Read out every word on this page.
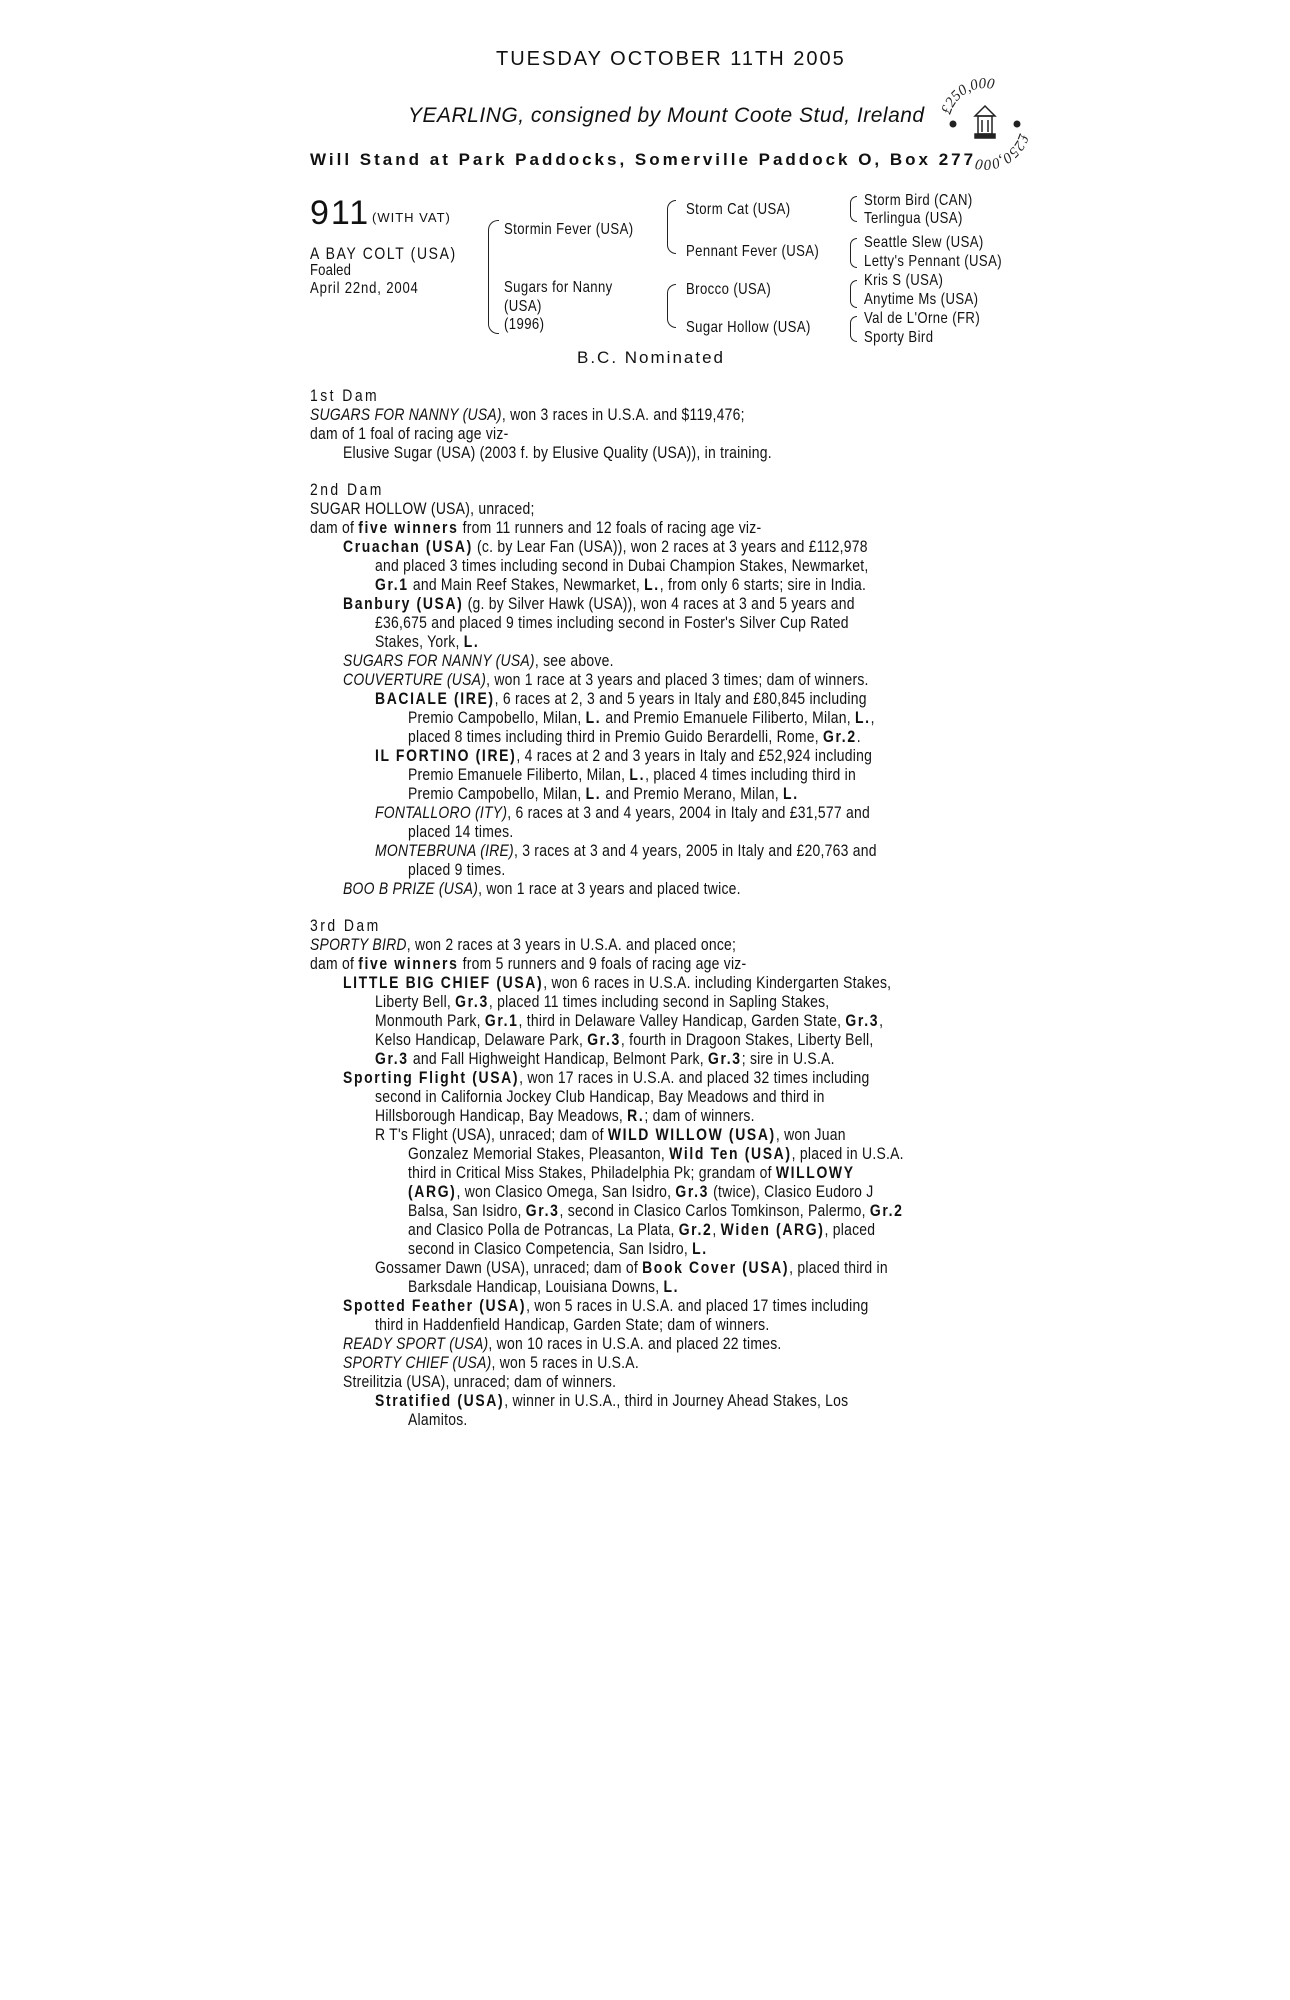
TUESDAY OCTOBER 11TH 2005
YEARLING, consigned by Mount Coote Stud, Ireland
Will Stand at Park Paddocks, Somerville Paddock O, Box 277
£250,000
£250,000
911 (WITH VAT)
A BAY COLT (USA)
Foaled
April 22nd, 2004
Stormin Fever (USA)
Sugars for Nanny
(USA)
(1996)
Storm Cat (USA)
Pennant Fever (USA)
Brocco (USA)
Sugar Hollow (USA)
Storm Bird (CAN)
Terlingua (USA)
Seattle Slew (USA)
Letty's Pennant (USA)
Kris S (USA)
Anytime Ms (USA)
Val de L'Orne (FR)
Sporty Bird
B.C. Nominated
1st Dam
SUGARS FOR NANNY (USA), won 3 races in U.S.A. and $119,476;
dam of 1 foal of racing age viz-
Elusive Sugar (USA) (2003 f. by Elusive Quality (USA)), in training.
2nd Dam
SUGAR HOLLOW (USA), unraced;
dam of five winners from 11 runners and 12 foals of racing age viz-
Cruachan (USA) (c. by Lear Fan (USA)), won 2 races at 3 years and £112,978
and placed 3 times including second in Dubai Champion Stakes, Newmarket,
Gr.1 and Main Reef Stakes, Newmarket, L., from only 6 starts; sire in India.
Banbury (USA) (g. by Silver Hawk (USA)), won 4 races at 3 and 5 years and
£36,675 and placed 9 times including second in Foster's Silver Cup Rated
Stakes, York, L.
SUGARS FOR NANNY (USA), see above.
COUVERTURE (USA), won 1 race at 3 years and placed 3 times; dam of winners.
BACIALE (IRE), 6 races at 2, 3 and 5 years in Italy and £80,845 including
Premio Campobello, Milan, L. and Premio Emanuele Filiberto, Milan, L.,
placed 8 times including third in Premio Guido Berardelli, Rome, Gr.2.
IL FORTINO (IRE), 4 races at 2 and 3 years in Italy and £52,924 including
Premio Emanuele Filiberto, Milan, L., placed 4 times including third in
Premio Campobello, Milan, L. and Premio Merano, Milan, L.
FONTALLORO (ITY), 6 races at 3 and 4 years, 2004 in Italy and £31,577 and
placed 14 times.
MONTEBRUNA (IRE), 3 races at 3 and 4 years, 2005 in Italy and £20,763 and
placed 9 times.
BOO B PRIZE (USA), won 1 race at 3 years and placed twice.
3rd Dam
SPORTY BIRD, won 2 races at 3 years in U.S.A. and placed once;
dam of five winners from 5 runners and 9 foals of racing age viz-
LITTLE BIG CHIEF (USA), won 6 races in U.S.A. including Kindergarten Stakes,
Liberty Bell, Gr.3, placed 11 times including second in Sapling Stakes,
Monmouth Park, Gr.1, third in Delaware Valley Handicap, Garden State, Gr.3,
Kelso Handicap, Delaware Park, Gr.3, fourth in Dragoon Stakes, Liberty Bell,
Gr.3 and Fall Highweight Handicap, Belmont Park, Gr.3; sire in U.S.A.
Sporting Flight (USA), won 17 races in U.S.A. and placed 32 times including
second in California Jockey Club Handicap, Bay Meadows and third in
Hillsborough Handicap, Bay Meadows, R.; dam of winners.
R T's Flight (USA), unraced; dam of WILD WILLOW (USA), won Juan
Gonzalez Memorial Stakes, Pleasanton, Wild Ten (USA), placed in U.S.A.
third in Critical Miss Stakes, Philadelphia Pk; grandam of WILLOWY
(ARG), won Clasico Omega, San Isidro, Gr.3 (twice), Clasico Eudoro J
Balsa, San Isidro, Gr.3, second in Clasico Carlos Tomkinson, Palermo, Gr.2
and Clasico Polla de Potrancas, La Plata, Gr.2, Widen (ARG), placed
second in Clasico Competencia, San Isidro, L.
Gossamer Dawn (USA), unraced; dam of Book Cover (USA), placed third in
Barksdale Handicap, Louisiana Downs, L.
Spotted Feather (USA), won 5 races in U.S.A. and placed 17 times including
third in Haddenfield Handicap, Garden State; dam of winners.
READY SPORT (USA), won 10 races in U.S.A. and placed 22 times.
SPORTY CHIEF (USA), won 5 races in U.S.A.
Streilitzia (USA), unraced; dam of winners.
Stratified (USA), winner in U.S.A., third in Journey Ahead Stakes, Los
Alamitos.
